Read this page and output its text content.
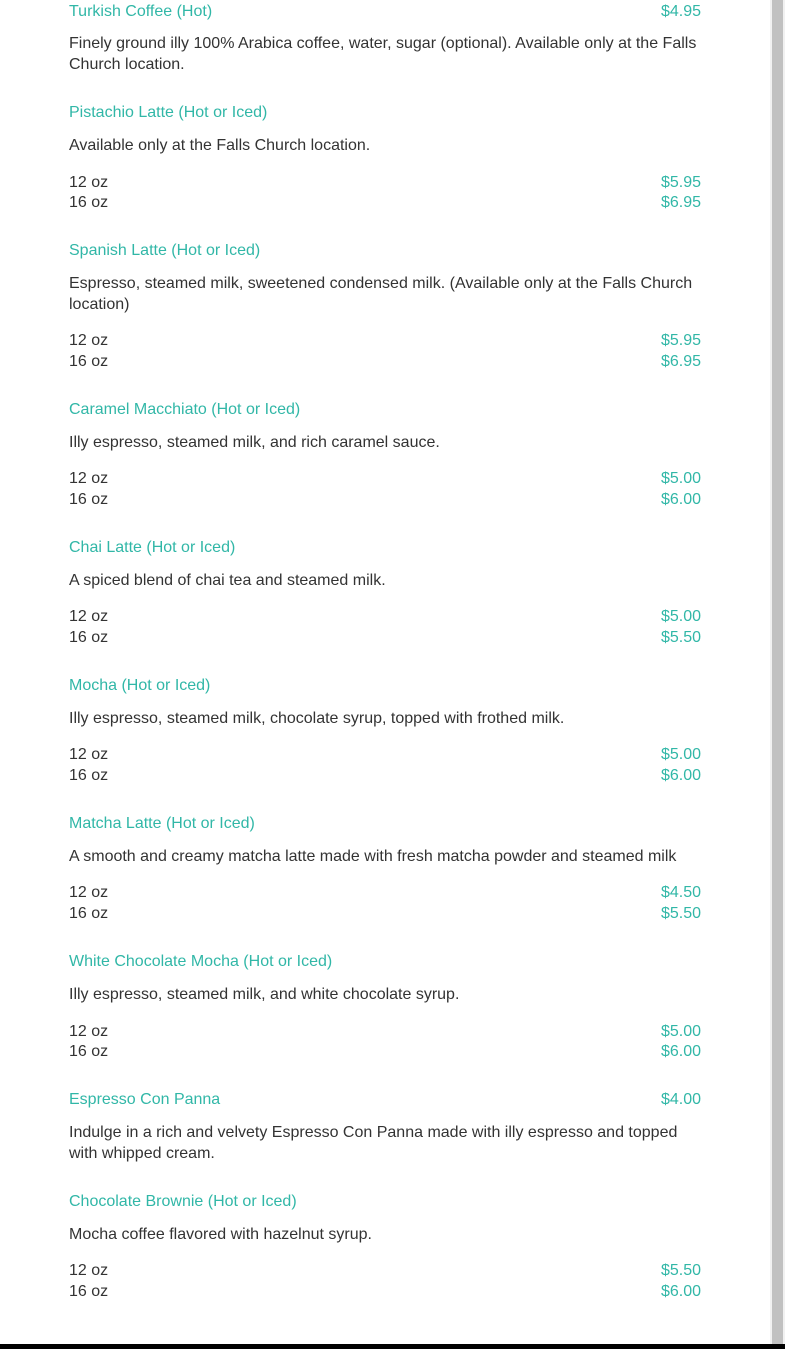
Turkish Coffee (Hot)	$4.95
Finely ground illy 100% Arabica coffee, water, sugar (optional). Available only at the Falls Church location.
Pistachio Latte (Hot or Iced)
Available only at the Falls Church location.
12 oz	$5.95
16 oz	$6.95
Spanish Latte (Hot or Iced)
Espresso, steamed milk, sweetened condensed milk. (Available only at the Falls Church location)
12 oz	$5.95
16 oz	$6.95
Caramel Macchiato (Hot or Iced)
Illy espresso, steamed milk, and rich caramel sauce.
12 oz	$5.00
16 oz	$6.00
Chai Latte (Hot or Iced)
A spiced blend of chai tea and steamed milk.
12 oz	$5.00
16 oz	$5.50
Mocha (Hot or Iced)
Illy espresso, steamed milk, chocolate syrup, topped with frothed milk.
12 oz	$5.00
16 oz	$6.00
Matcha Latte (Hot or Iced)
A smooth and creamy matcha latte made with fresh matcha powder and steamed milk
12 oz	$4.50
16 oz	$5.50
White Chocolate Mocha (Hot or Iced)
Illy espresso, steamed milk, and white chocolate syrup.
12 oz	$5.00
16 oz	$6.00
Espresso Con Panna	$4.00
Indulge in a rich and velvety Espresso Con Panna made with illy espresso and topped with whipped cream.
Chocolate Brownie (Hot or Iced)
Mocha coffee flavored with hazelnut syrup.
12 oz	$5.50
16 oz	$6.00
